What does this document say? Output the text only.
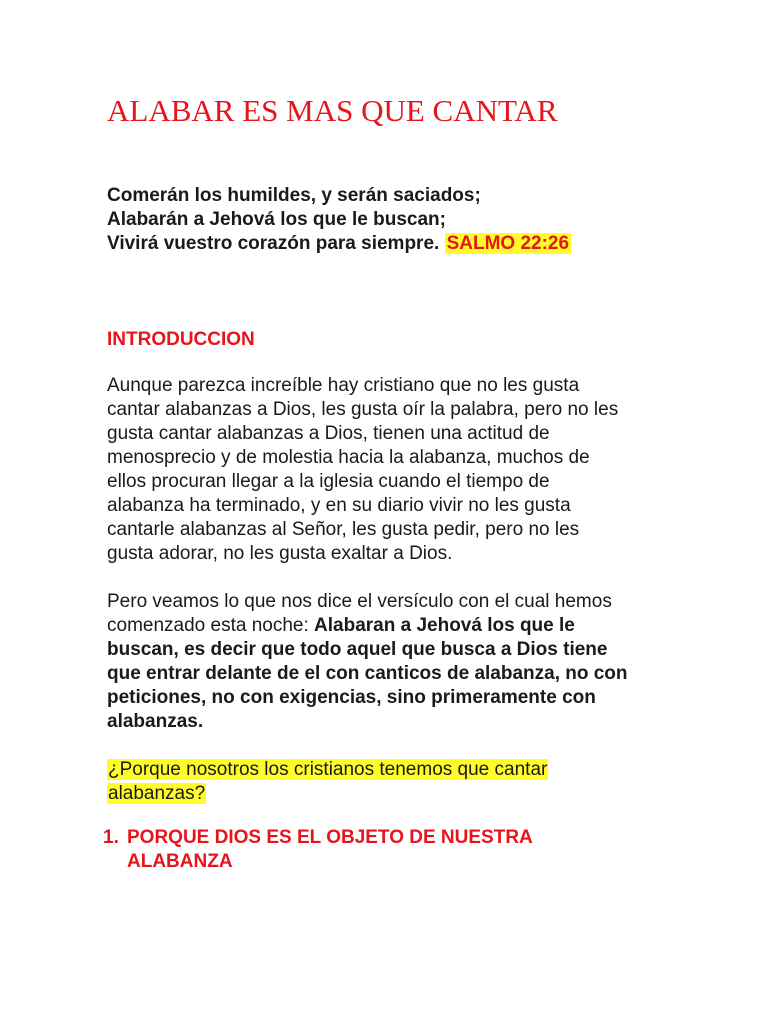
ALABAR ES MAS QUE CANTAR
Comerán los humildes, y serán saciados;
Alabarán a Jehová los que le buscan;
Vivirá vuestro corazón para siempre. SALMO 22:26
INTRODUCCION

Aunque parezca increíble hay cristiano que no les gusta
cantar alabanzas a Dios, les gusta oír la palabra, pero no les
gusta cantar alabanzas a Dios, tienen una actitud de
menosprecio y de molestia hacia la alabanza, muchos de
ellos procuran llegar a la iglesia cuando el tiempo de
alabanza ha terminado, y en su diario vivir no les gusta
cantarle alabanzas al Señor, les gusta pedir, pero no les
gusta adorar, no les gusta exaltar a Dios.

Pero veamos lo que nos dice el versículo con el cual hemos
comenzado esta noche: Alabaran a Jehová los que le
buscan, es decir que todo aquel que busca a Dios tiene
que entrar delante de el con canticos de alabanza, no con
peticiones, no con exigencias, sino primeramente con
alabanzas.

¿Porque nosotros los cristianos tenemos que cantar
alabanzas?

1. PORQUE DIOS ES EL OBJETO DE NUESTRA
ALABANZA
